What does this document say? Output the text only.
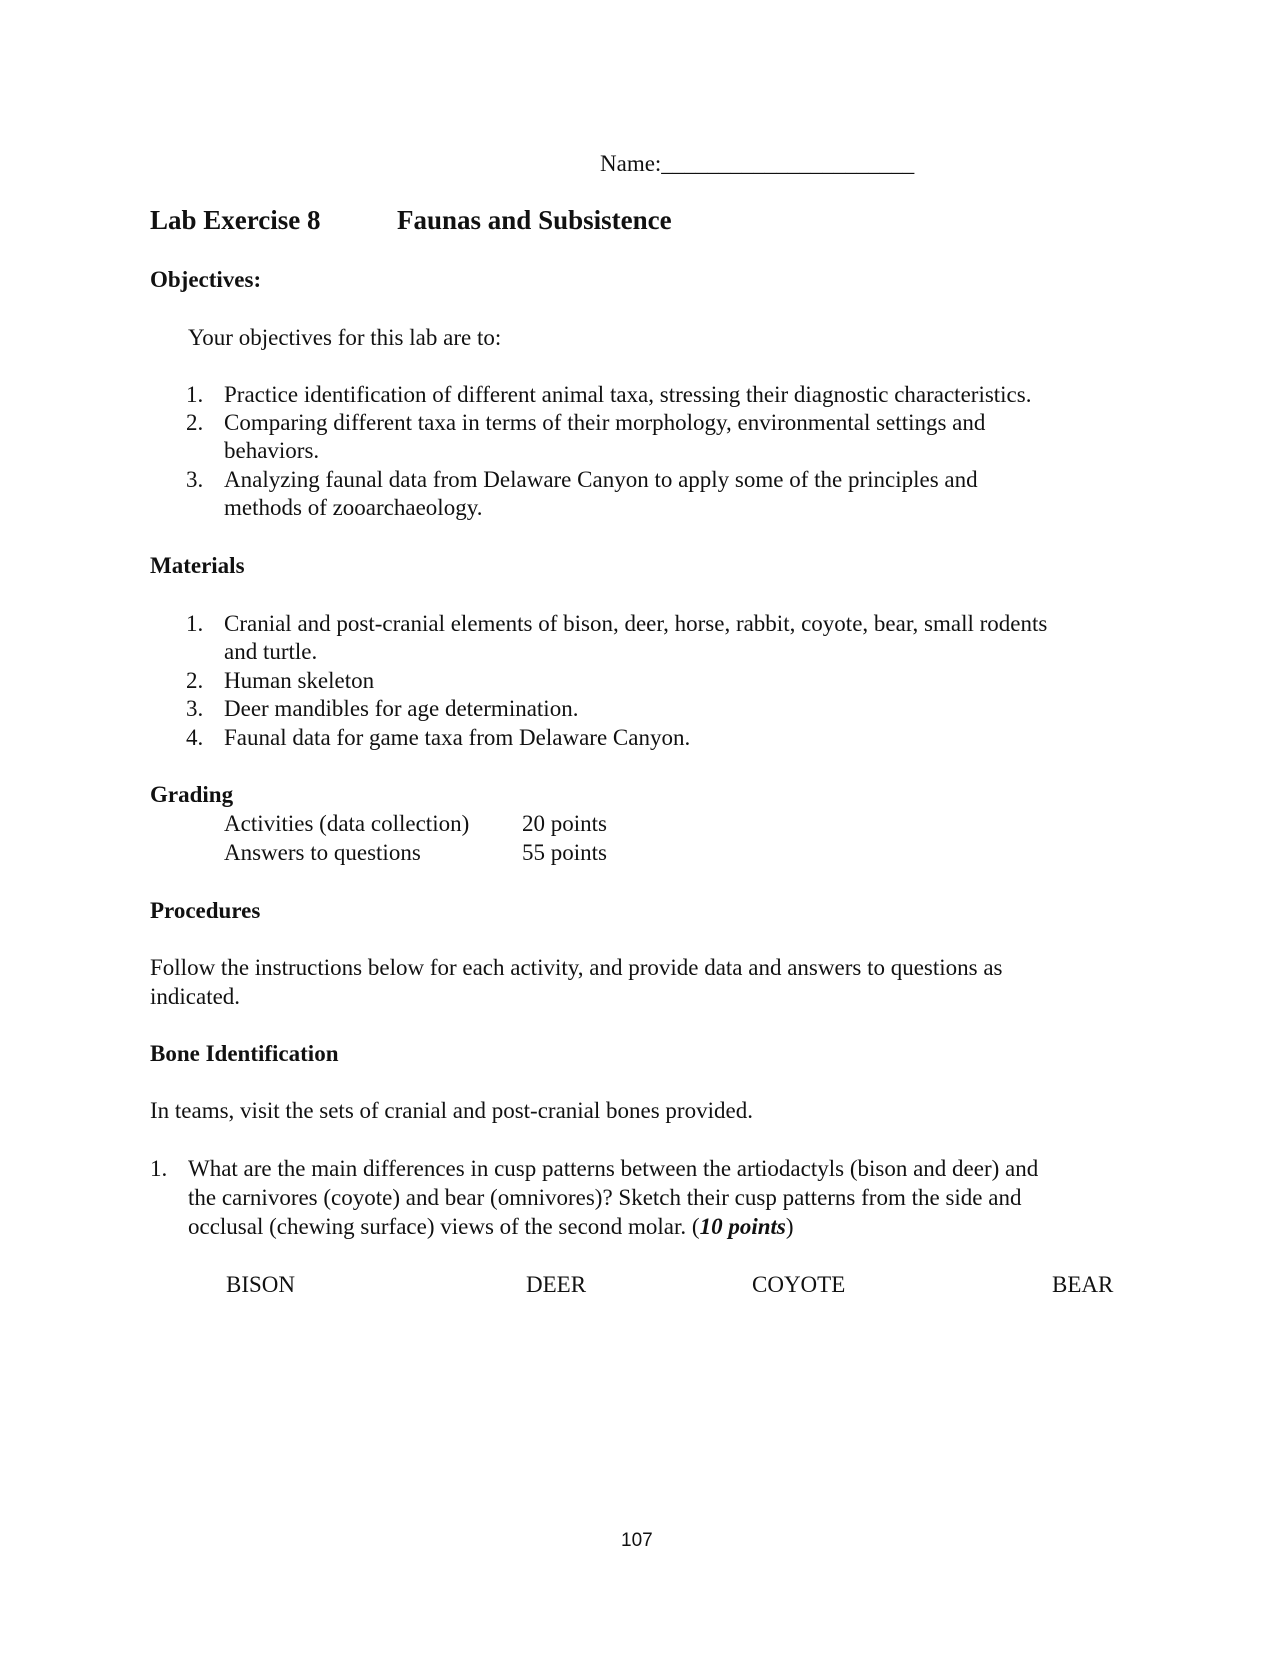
Name:______________________
Lab Exercise 8	Faunas and Subsistence
Objectives:
Your objectives for this lab are to:
1. Practice identification of different animal taxa, stressing their diagnostic characteristics.
2. Comparing different taxa in terms of their morphology, environmental settings and
behaviors.
3. Analyzing faunal data from Delaware Canyon to apply some of the principles and
methods of zooarchaeology.
Materials
1. Cranial and post-cranial elements of bison, deer, horse, rabbit, coyote, bear, small rodents
and turtle.
2. Human skeleton
3. Deer mandibles for age determination.
4. Faunal data for game taxa from Delaware Canyon.
Grading
Activities (data collection) 20 points
Answers to questions	55 points
Procedures
Follow the instructions below for each activity, and provide data and answers to questions as
indicated.
Bone Identification
In teams, visit the sets of cranial and post-cranial bones provided.
1. What are the main differences in cusp patterns between the artiodactyls (bison and deer) and
the carnivores (coyote) and bear (omnivores)? Sketch their cusp patterns from the side and
occlusal (chewing surface) views of the second molar. (10 points)
BISON	DEER	COYOTE	BEAR
107
